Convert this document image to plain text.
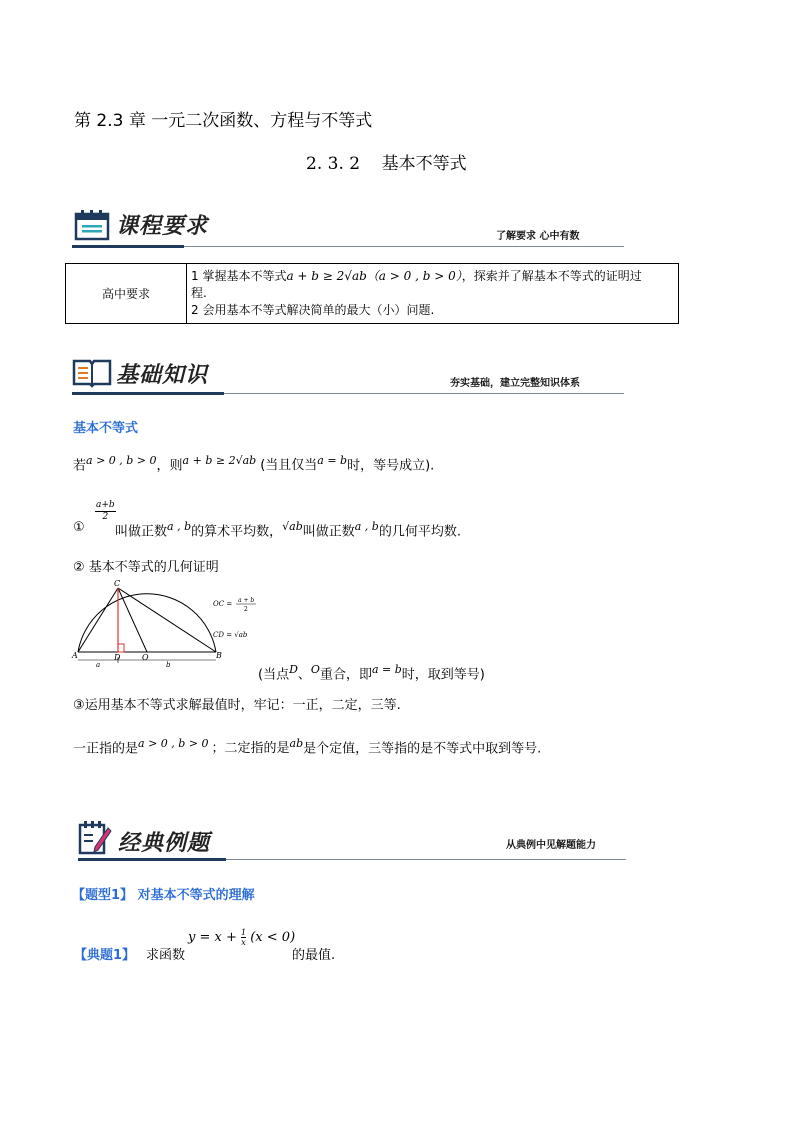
第 2.3 章 一元二次函数、方程与不等式
2. 3. 2    基本不等式
课程要求	了解要求 心中有数
高中要求	
1 掌握基本不等式a + b ≥ 2√ab（a > 0 , b > 0），探索并了解基本不等式的证明过
程.
2 会用基本不等式解决简单的最大（小）问题.
基础知识	夯实基础，建立完整知识体系
基本不等式
若$^{a > 0 , b > 0}$，则$^{a + b \ge 2√ab}$ (当且仅当$^{a = b}$时，等号成立).
①
a+b
2
叫做正数$^{a , b}$的算术平均数，$^{√ab}$叫做正数$^{a , b}$的几何平均数.
② 基本不等式的几何证明
A	B
C
D	O
a	b
OC = a + b
2
CD = √ab
(当点$^D$、$^O$重合，即$^{a = b}$时，取到等号)
③运用基本不等式求解最值时，牢记：一正，二定，三等.
一正指的是$^{a > 0 , b > 0}$ ；二定指的是$^{ab}$是个定值，三等指的是不等式中取到等号.
经典例题	从典例中见解题能力
【题型1】 对基本不等式的理解
【典题1】 求函数
$y = x + \frac{1}{x} (x < 0)$
的最值.
